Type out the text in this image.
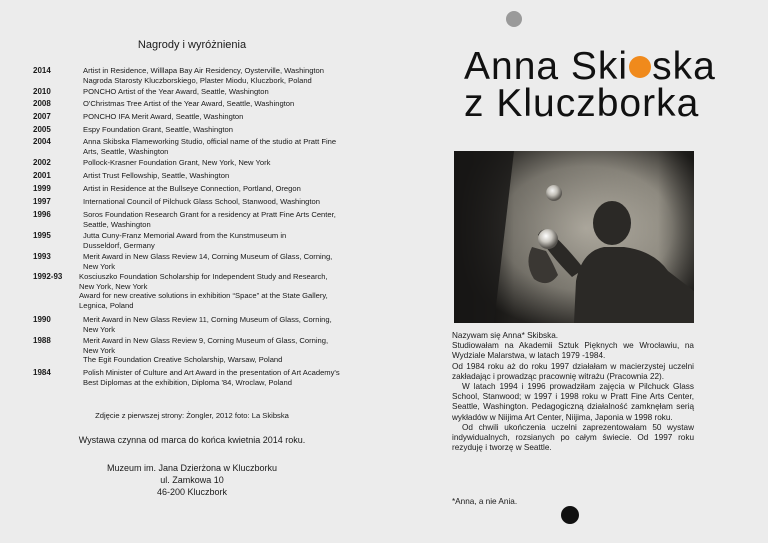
Nagrody i wyróżnienia
2014	Artist in Residence, Willlapa Bay Air Residency, Oysterville, Washington
Nagroda Starosty Kluczborskiego, Plaster Miodu, Kluczbork, Poland
2010	PONCHO Artist of the Year Award, Seattle, Washington
2008	O'Christmas Tree Artist of the Year Award, Seattle, Washington
2007	PONCHO IFA Merit Award, Seattle, Washington
2005	Espy Foundation Grant, Seattle, Washington
2004	Anna Skibska Flameworking Studio, official name of the studio at Pratt Fine
Arts, Seattle, Washington
2002	Pollock-Krasner Foundation Grant, New York, New York
2001	Artist Trust Fellowship, Seattle, Washington
1999	Artist in Residence at the Bullseye Connection, Portland, Oregon
1997	International Council of Pilchuck Glass School, Stanwood, Washington
1996	Soros Foundation Research Grant for a residency at Pratt Fine Arts Center,
Seattle, Washington
1995	Jutta Cuny-Franz Memorial Award from the Kunstmuseum in
Dusseldorf, Germany
1993	Merit Award in New Glass Review 14, Corning Museum of Glass, Corning,
New York
1992-93 Kosciuszko Foundation Scholarship for Independent Study and Research,
New York, New York
Award for new creative solutions in exhibition “Space” at the State Gallery,
Legnica, Poland
1990	Merit Award in New Glass Review 11, Corning Museum of Glass, Corning,
New York
1988	Merit Award in New Glass Review 9, Corning Museum of Glass, Corning,
New York
The Egit Foundation Creative Scholarship, Warsaw, Poland
1984	Polish Minister of Culture and Art Award in the presentation of Art Academy's
Best Diplomas at the exhibition, Diploma '84, Wroclaw, Poland
Zdjęcie z pierwszej strony: Żongler, 2012 foto: La Skibska
Wystawa czynna od marca do końca kwietnia 2014 roku.
Muzeum im. Jana Dzierżona w Kluczborku
ul. Zamkowa 10
46-200 Kluczbork
Anna Ski ska
z Kluczborka

Nazywam się Anna* Skibska.

Studiowałam na Akademii Sztuk Pięknych we Wrocławiu, na Wydziale Malarstwa, w latach 1979 -1984.

Od 1984 roku aż do roku 1997 działałam w macierzystej uczelni zakładając i prowadząc pracownię witrażu (Pracownia 22).

W latach 1994 i 1996 prowadziłam zajęcia w Pilchuck Glass School, Stanwood; w 1997 i 1998 roku w Pratt Fine Arts Center, Seattle, Washington. Pedagogiczną działalność zamknęłam serią wykładów w Niijima Art Center, Niijima, Japonia w 1998 roku.

Od chwili ukończenia uczelni zaprezentowałam 50 wystaw indywidualnych, rozsianych po całym świecie. Od 1997 roku rezyduję i tworzę w Seattle.

*Anna, a nie Ania.
